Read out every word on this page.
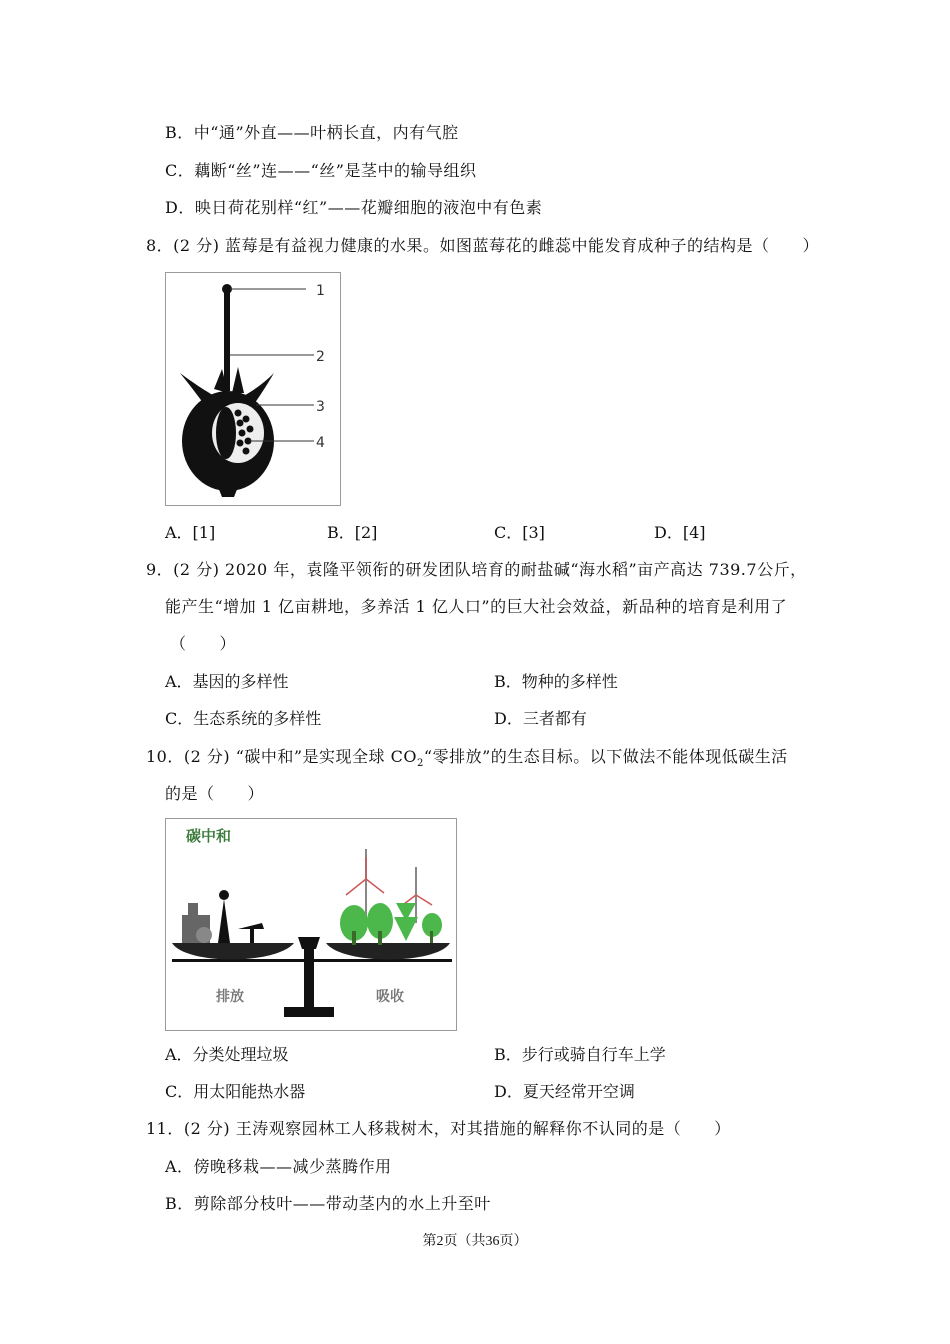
B．中“通”外直——叶柄长直，内有气腔
C．藕断“丝”连——“丝”是茎中的输导组织
D．映日荷花别样“红”——花瓣细胞的液泡中有色素
8．(2 分) 蓝莓是有益视力健康的水果。如图蓝莓花的雌蕊中能发育成种子的结构是（　　）
1
2
3
4
A．[1]	B．[2]	C．[3]	D．[4]
9．(2 分) 2020 年，袁隆平领衔的研发团队培育的耐盐碱“海水稻”亩产高达 739.7公斤，
能产生“增加 1 亿亩耕地，多养活 1 亿人口”的巨大社会效益，新品种的培育是利用了
（　　）
A．基因的多样性	B．物种的多样性
C．生态系统的多样性	D．三者都有
10．(2 分) “碳中和”是实现全球 $CO_2“$零排放”的生态目标。以下做法不能体现低碳生活
的是（　　）
碳中和
排放	吸收
A．分类处理垃圾	B．步行或骑自行车上学
C．用太阳能热水器	D．夏天经常开空调
11．(2 分) 王涛观察园林工人移栽树木，对其措施的解释你不认同的是（　　）
A．傍晚移栽——减少蒸腾作用
B．剪除部分枝叶——带动茎内的水上升至叶
第2页（共36页）
